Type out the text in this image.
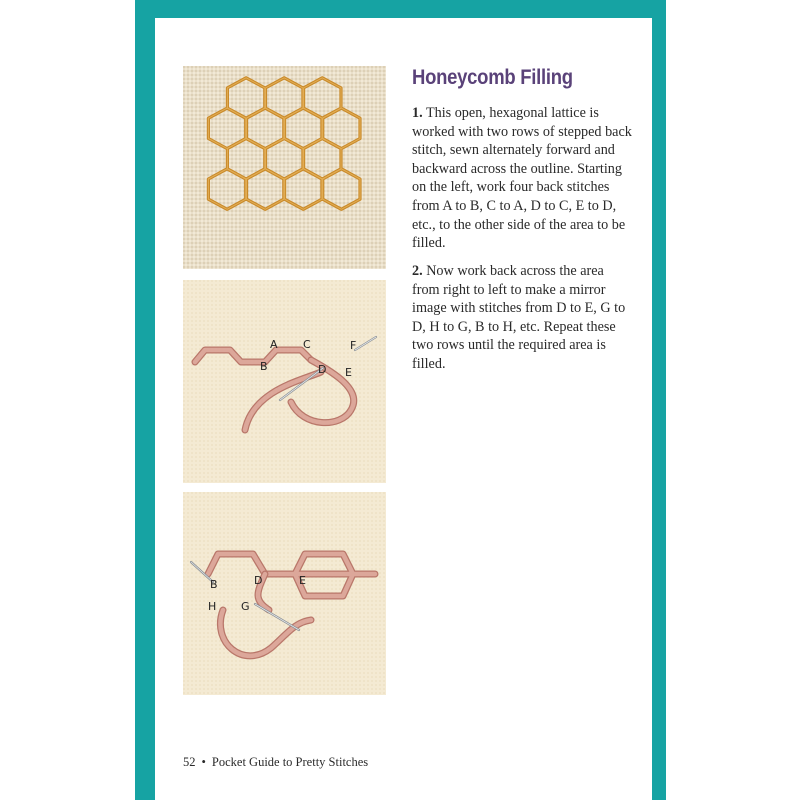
A C	F
B	D E
B	D	E
H G
Honeycomb Filling

1. This open, hexagonal lattice is worked with two rows of stepped back stitch, sewn alternately forward and backward across the outline. Starting on the left, work four back stitches from A to B, C to A, D to C, E to D, etc., to the other side of the area to be filled.

2. Now work back across the area from right to left to make a mirror image with stitches from D to E, G to D, H to G, B to H, etc. Repeat these two rows until the required area is filled.

52 • Pocket Guide to Pretty Stitches
